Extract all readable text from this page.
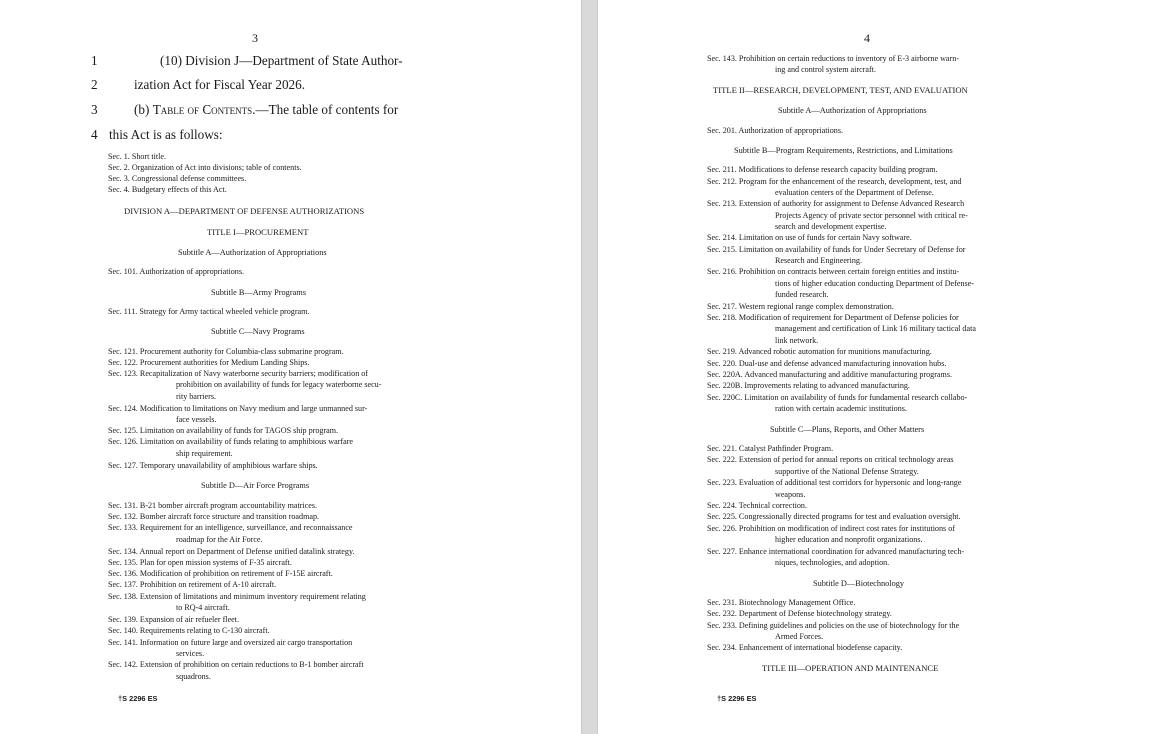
3
1	(10) Division J—Department of State Author-
2	ization Act for Fiscal Year 2026.
3	(b) Table of Contents.—The table of contents for
4 this Act is as follows:
Sec. 1. Short title.
Sec. 2. Organization of Act into divisions; table of contents.
Sec. 3. Congressional defense committees.
Sec. 4. Budgetary effects of this Act.
DIVISION A—DEPARTMENT OF DEFENSE AUTHORIZATIONS
TITLE I—PROCUREMENT
Subtitle A—Authorization of Appropriations
Sec. 101. Authorization of appropriations.
Subtitle B—Army Programs
Sec. 111. Strategy for Army tactical wheeled vehicle program.
Subtitle C—Navy Programs
Sec. 121. Procurement authority for Columbia-class submarine program.
Sec. 122. Procurement authorities for Medium Landing Ships.
Sec. 123. Recapitalization of Navy waterborne security barriers; modification of
prohibition on availability of funds for legacy waterborne secu-
rity barriers.
Sec. 124. Modification to limitations on Navy medium and large unmanned sur-
face vessels.
Sec. 125. Limitation on availability of funds for TAGOS ship program.
Sec. 126. Limitation on availability of funds relating to amphibious warfare
ship requirement.
Sec. 127. Temporary unavailability of amphibious warfare ships.
Subtitle D—Air Force Programs
Sec. 131. B-21 bomber aircraft program accountability matrices.
Sec. 132. Bomber aircraft force structure and transition roadmap.
Sec. 133. Requirement for an intelligence, surveillance, and reconnaissance
roadmap for the Air Force.
Sec. 134. Annual report on Department of Defense unified datalink strategy.
Sec. 135. Plan for open mission systems of F-35 aircraft.
Sec. 136. Modification of prohibition on retirement of F-15E aircraft.
Sec. 137. Prohibition on retirement of A-10 aircraft.
Sec. 138. Extension of limitations and minimum inventory requirement relating
to RQ-4 aircraft.
Sec. 139. Expansion of air refueler fleet.
Sec. 140. Requirements relating to C-130 aircraft.
Sec. 141. Information on future large and oversized air cargo transportation
services.
Sec. 142. Extension of prohibition on certain reductions to B-1 bomber aircraft
squadrons.
†S 2296 ES
4
Sec. 143. Prohibition on certain reductions to inventory of E-3 airborne warn-
ing and control system aircraft.
TITLE II—RESEARCH, DEVELOPMENT, TEST, AND EVALUATION
Subtitle A—Authorization of Appropriations
Sec. 201. Authorization of appropriations.
Subtitle B—Program Requirements, Restrictions, and Limitations
Sec. 211. Modifications to defense research capacity building program.
Sec. 212. Program for the enhancement of the research, development, test, and
evaluation centers of the Department of Defense.
Sec. 213. Extension of authority for assignment to Defense Advanced Research
Projects Agency of private sector personnel with critical re-
search and development expertise.
Sec. 214. Limitation on use of funds for certain Navy software.
Sec. 215. Limitation on availability of funds for Under Secretary of Defense for
Research and Engineering.
Sec. 216. Prohibition on contracts between certain foreign entities and institu-
tions of higher education conducting Department of Defense-
funded research.
Sec. 217. Western regional range complex demonstration.
Sec. 218. Modification of requirement for Department of Defense policies for
management and certification of Link 16 military tactical data
link network.
Sec. 219. Advanced robotic automation for munitions manufacturing.
Sec. 220. Dual-use and defense advanced manufacturing innovation hubs.
Sec. 220A. Advanced manufacturing and additive manufacturing programs.
Sec. 220B. Improvements relating to advanced manufacturing.
Sec. 220C. Limitation on availability of funds for fundamental research collabo-
ration with certain academic institutions.
Subtitle C—Plans, Reports, and Other Matters
Sec. 221. Catalyst Pathfinder Program.
Sec. 222. Extension of period for annual reports on critical technology areas
supportive of the National Defense Strategy.
Sec. 223. Evaluation of additional test corridors for hypersonic and long-range
weapons.
Sec. 224. Technical correction.
Sec. 225. Congressionally directed programs for test and evaluation oversight.
Sec. 226. Prohibition on modification of indirect cost rates for institutions of
higher education and nonprofit organizations.
Sec. 227. Enhance international coordination for advanced manufacturing tech-
niques, technologies, and adoption.
Subtitle D—Biotechnology
Sec. 231. Biotechnology Management Office.
Sec. 232. Department of Defense biotechnology strategy.
Sec. 233. Defining guidelines and policies on the use of biotechnology for the
Armed Forces.
Sec. 234. Enhancement of international biodefense capacity.
TITLE III—OPERATION AND MAINTENANCE
†S 2296 ES
